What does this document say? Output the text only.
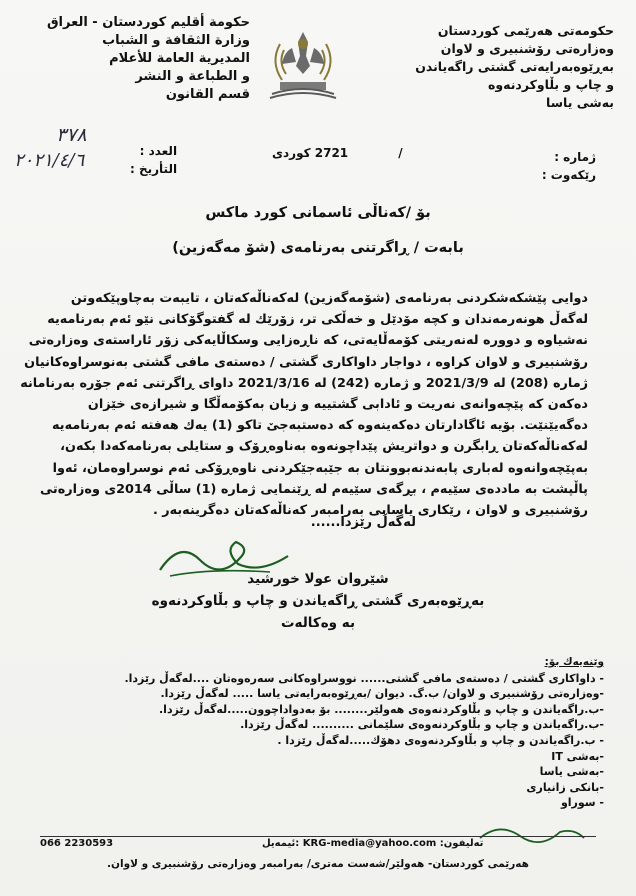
حکومەتی هەرێمی کوردستان
وەزارەتی رۆشنبیری و لاوان
بەڕێوەبەرایەتی گشتی راگەیاندن
و چاپ و بڵاوکردنەوە
بەشی یاسا
حكومة أقليم كوردستان - العراق
وزارة الثقافة و الشباب
المديرية العامة للأعلام
و الطباعة و النشر
قسم القانون
ژمارە :
رێکەوت :
/            2721 کوردی
العدد :
التأريخ :
٣٧٨
٢٠٢١/٤/٦
بۆ /کەناڵی ئاسمانی کورد ماکس
بابەت / ڕاگرتنی بەرنامەی (شۆ مەگەزین)
دوایی پێشکەشکردنی بەرنامەی (شۆمەگەزین) لەکەناڵەکەتان ، تایبەت بەچاوپێکەوتن
لەگەڵ هونەرمەندان و کچە مۆدێل و خەڵکی تر، زۆرێك لە گفتوگۆکانی نێو ئەم بەرنامەیە
نەشیاوە و دوورە لەنەریتی کۆمەڵایەتی، کە ناڕەزایی وسکاڵایەکی زۆر ئاراستەی وەزارەتی
رۆشنبیری و لاوان کراوە ، دواجار داواکاری گشتی / دەستەی مافی گشتی بەنوسراوەکانیان
ژمارە (208) لە 2021/3/9 و ژمارە (242) لە 2021/3/16 داوای ڕاگرتنی ئەم جۆرە بەرنامانە
دەکەن کە پێچەوانەی نەریت و ئادابی گشتییە و زیان بەکۆمەڵگا و شیرازەی خێزان
دەگەیێنێت. بۆیە ئاگادارتان دەکەینەوە کە دەستبەجێ تاکو (1) یەك هەفتە ئەم بەرنامەیە
لەکەناڵەکەتان ڕابگرن و دواتریش پێداچونەوە بەناوەڕۆک و ستایلی بەرنامەکەدا بکەن،
بەپێچەوانەوە لەباری پابەندنەبوونتان بە جێبەجێکردنی ناوەڕۆکی ئەم نوسراوەمان، ئەوا
پاڵپشت بە ماددەی سێیەم ، بڕگەی سێیەم لە ڕێنمایی ژمارە (1) ساڵی 2014ی وەزارەتی
رۆشنبیری و لاوان ، رێکاری یاسایی بەرامبەر کەناڵەکەتان دەگرینەبەر .
لەگەڵ رێزدا......
شێروان عولا خورشید
بەڕێوەبەری گشتی ڕاگەیاندن و چاپ و بڵاوکردنەوە
بە وەکالەت
وێنەیەك بۆ:
- داواکاری گشتی / دەستەی مافی گشتی...... نووسراوەکانی سەرەوەتان ....لەگەڵ رێزدا.
-وەزارەتی رۆشنبیری و لاوان/ ب.گ. دیوان /بەڕێوەبەرایەتی یاسا ..... لەگەڵ رێزدا.
-ب.راگەیاندن و چاپ و بڵاوکردنەوەی هەولێر........ بۆ بەدواداچوون.....لەگەڵ رێزدا.
-ب.راگەیاندن و چاپ و بڵاوکردنەوەی سلێمانی .......... لەگەڵ رێزدا.
- ب.راگەیاندن و چاپ و بڵاوکردنەوەی دهۆك.....لەگەڵ رێزدا .
-بەشی IT
-بەشی یاسا
-بانکی زانیاری
- سوراو
066 2230593	تەلیفون: KRG-media@yahoo.com :ئیمەیل
هەرێمی کوردستان- هەولێر/شەست مەتری/ بەرامبەر وەزارەتی رۆشنبیری و لاوان.
